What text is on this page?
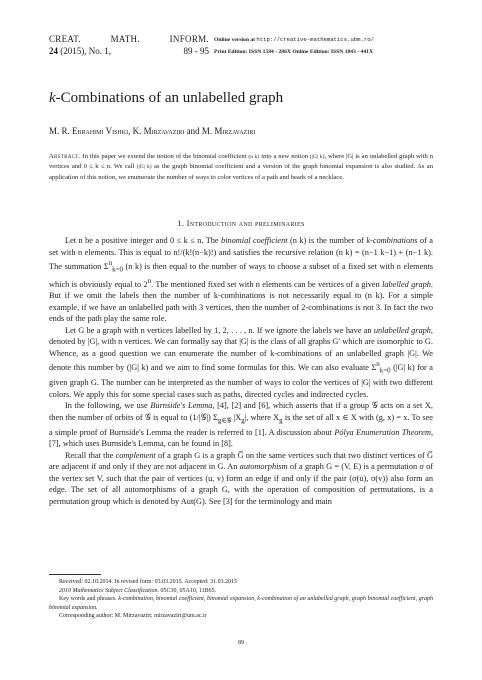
CREAT.	MATH.	INFORM.
24 (2015), No. 1,	89 - 95
Online version at http://creative-mathematics.ubm.ro/
Print Edition: ISSN 1584 - 286X Online Edition: ISSN 1843 - 441X
k-Combinations of an unlabelled graph
M. R. Ebrahimi Vishki, K. Mirzavaziri and M. Mirzavaziri
Abstract. In this paper we extend the notion of the binomial coefficient (n k) into a new notion (|G| k), where |G| is an unlabelled graph with n vertices and 0 ≤ k ≤ n. We call (|G| k) as the graph binomial coefficient and a version of the graph binomial expansion is also studied. As an application of this notion, we enumerate the number of ways to color vertices of a path and beads of a necklace.
1. Introduction and preliminaries

Let n be a positive integer and 0 ≤ k ≤ n. The binomial coefficient (n k) is the number of k-combinations of a set with n elements. This is equal to n!/(k!(n−k)!) and satisfies the recursive relation (n k) = (n−1 k−1) + (n−1 k). The summation $\Sigma^n_{k=0}$ (n k) is then equal to the number of ways to choose a subset of a fixed set with n elements which is obviously equal to 2$^n$. The mentioned fixed set with n elements can be vertices of a given labelled graph. But if we omit the labels then the number of k-combinations is not necessarily equal to (n k). For a simple example, if we have an unlabelled path with 3 vertices, then the number of 2-combinations is not 3. In fact the two ends of the path play the same role.

Let G be a graph with n vertices labelled by 1, 2, . . . , n. If we ignore the labels we have an unlabelled graph, denoted by |G|, with n vertices. We can formally say that |G| is the class of all graphs G′ which are isomorphic to G. Whence, as a good question we can enumerate the number of k-combinations of an unlabelled graph |G|. We denote this number by (|G| k) and we aim to find some formulas for this. We can also evaluate $\Sigma^n_{k=0}$ (|G| k) for a given graph G. The number can be interpreted as the number of ways to color the vertices of |G| with two different colors. We apply this for some special cases such as paths, directed cycles and indirected cycles.

In the following, we use Burnside's Lemma, [4], [2] and [6], which asserts that if a group 𝒢 acts on a set X, then the number of orbits of 𝒢 is equal to (1/|𝒢|) $\Sigma_{g\in 𝒢}$ $|X_g|$, where $X_g$ is the set of all x ∈ X with (g, x) = x. To see a simple proof of Burnside's Lemma the reader is referred to [1]. A discussion about Pólya Enumeration Theorem, [7], which uses Burnside's Lemma, can be found in [8].

Recall that the complement of a graph G is a graph G̅ on the same vertices such that two distinct vertices of G̅ are adjacent if and only if they are not adjacent in G. An automorphism of a graph G = (V, E) is a permutation σ of the vertex set V, such that the pair of vertices (u, v) form an edge if and only if the pair (σ(u), σ(v)) also form an edge. The set of all automorphisms of a graph G, with the operation of composition of permutations, is a permutation group which is denoted by Aut(G). See [3] for the terminology and main

Received: 02.10.2014. In revised form: 03.03.2015. Accepted: 31.03.2015
2010 Mathematics Subject Classification. 05C30, 05A10, 11B65.
Key words and phrases. k-combination, binomial coefficient, binomial expansion, k-combination of an unlabelled graph, graph binomial coefficient, graph binomial expansion.
Corresponding author: M. Mirzavaziri; mirzavaziri@um.ac.ir
89
